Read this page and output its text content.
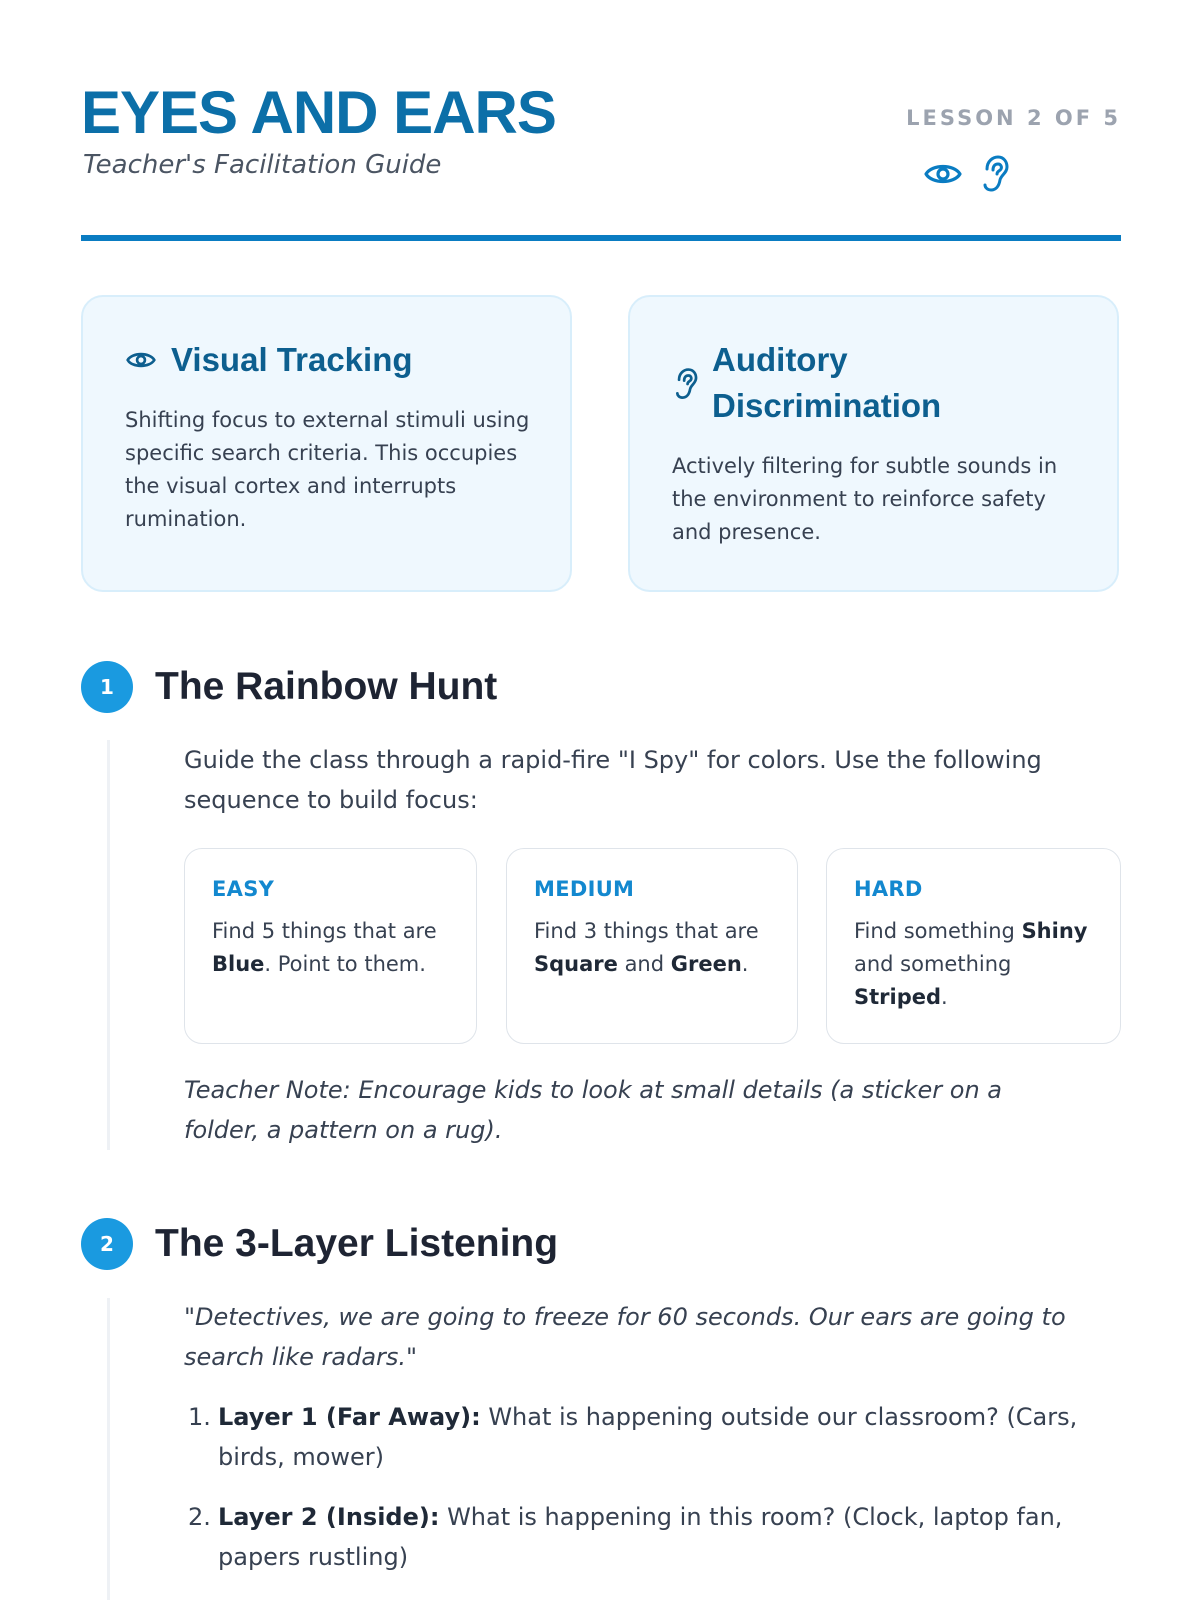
EYES AND EARS

Teacher's Facilitation Guide

LESSON 2 OF 5
Visual Tracking

Shifting focus to external stimuli using specific search criteria. This occupies the visual cortex and interrupts rumination.

Auditory Discrimination

Actively filtering for subtle sounds in the environment to reinforce safety and presence.

1	The Rainbow Hunt

Guide the class through a rapid-fire "I Spy" for colors. Use the following sequence to build focus:

EASY
Find 5 things that are Blue. Point to them.
MEDIUM
Find 3 things that are Square and Green.
HARD
Find something Shiny and something Striped.

Teacher Note: Encourage kids to look at small details (a sticker on a folder, a pattern on a rug).

2	The 3-Layer Listening

"Detectives, we are going to freeze for 60 seconds. Our ears are going to search like radars."

1. Layer 1 (Far Away): What is happening outside our classroom? (Cars, birds, mower)
2. Layer 2 (Inside): What is happening in this room? (Clock, laptop fan, papers rustling)
